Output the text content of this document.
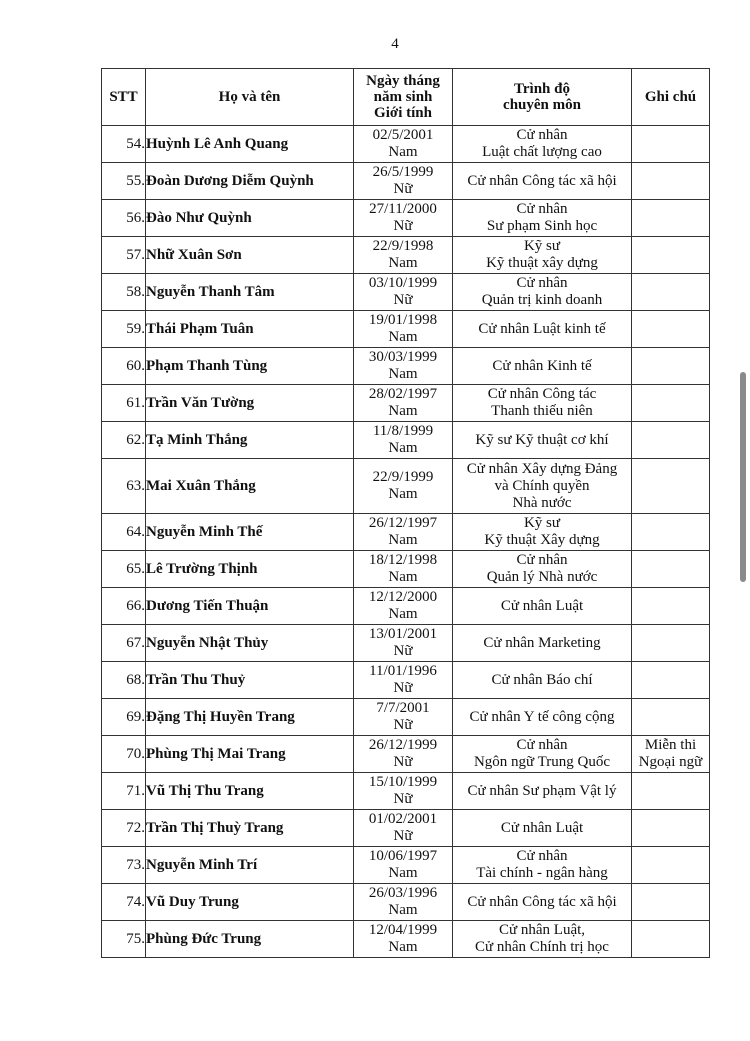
4
STT	Họ và tên	Ngày tháng
năm sinh
Giới tính	Trình độ
chuyên môn	Ghi chú
54.	Huỳnh Lê Anh Quang	02/5/2001
Nam	Cử nhân
Luật chất lượng cao	

55.	Đoàn Dương Diễm Quỳnh	26/5/1999
Nữ	Cử nhân Công tác xã hội	

56.	Đào Như Quỳnh	27/11/2000
Nữ	Cử nhân
Sư phạm Sinh học	

57.	Nhữ Xuân Sơn	22/9/1998
Nam	Kỹ sư
Kỹ thuật xây dựng	

58.	Nguyễn Thanh Tâm	03/10/1999
Nữ	Cử nhân
Quản trị kinh doanh	

59.	Thái Phạm Tuân	19/01/1998
Nam	Cử nhân Luật kinh tế	

60.	Phạm Thanh Tùng	30/03/1999
Nam	Cử nhân Kinh tế	

61.	Trần Văn Tường	28/02/1997
Nam	Cử nhân Công tác
Thanh thiếu niên	

62.	Tạ Minh Thắng	11/8/1999
Nam	Kỹ sư Kỹ thuật cơ khí	

63.	Mai Xuân Thắng	22/9/1999
Nam	Cử nhân Xây dựng Đảng
và Chính quyền
Nhà nước	

64.	Nguyễn Minh Thế	26/12/1997
Nam	Kỹ sư
Kỹ thuật Xây dựng	

65.	Lê Trường Thịnh	18/12/1998
Nam	Cử nhân
Quản lý Nhà nước	

66.	Dương Tiến Thuận	12/12/2000
Nam	Cử nhân Luật	

67.	Nguyễn Nhật Thủy	13/01/2001
Nữ	Cử nhân Marketing	

68.	Trần Thu Thuỷ	11/01/1996
Nữ	Cử nhân Báo chí	

69.	Đặng Thị Huyền Trang	7/7/2001
Nữ	Cử nhân Y tế công cộng	

70.	Phùng Thị Mai Trang	26/12/1999
Nữ	Cử nhân
Ngôn ngữ Trung Quốc	Miễn thi
Ngoại ngữ

71.	Vũ Thị Thu Trang	15/10/1999
Nữ	Cử nhân Sư phạm Vật lý	

72.	Trần Thị Thuỳ Trang	01/02/2001
Nữ	Cử nhân Luật	

73.	Nguyễn Minh Trí	10/06/1997
Nam	Cử nhân
Tài chính - ngân hàng	

74.	Vũ Duy Trung	26/03/1996
Nam	Cử nhân Công tác xã hội	

75.	Phùng Đức Trung	12/04/1999
Nam	Cử nhân Luật,
Cử nhân Chính trị học	
